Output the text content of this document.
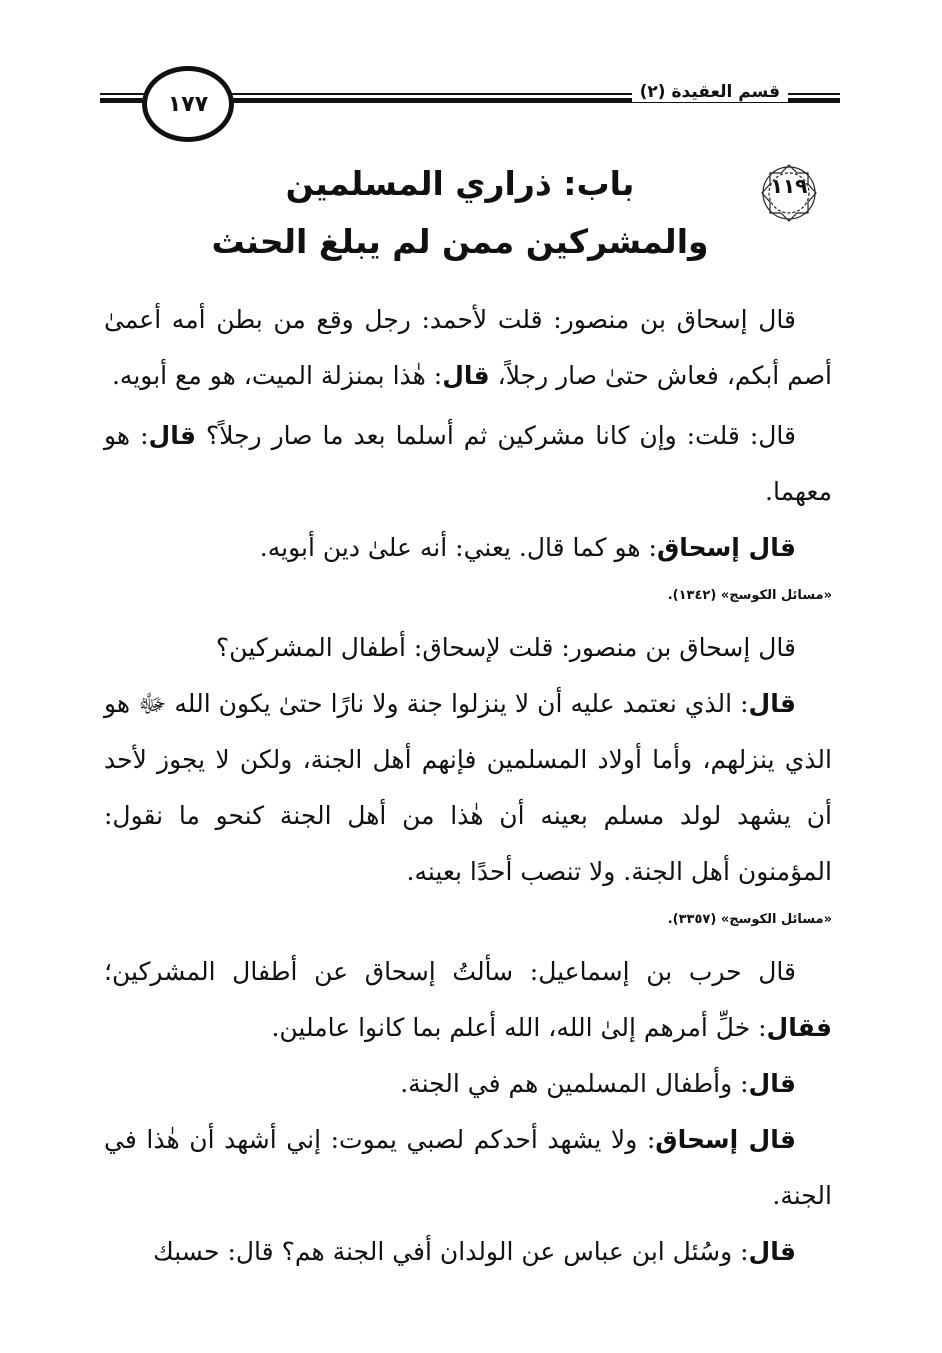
١٧٧	قسم العقيدة (٢)
١١٩
باب: ذراري المسلمين
والمشركين ممن لم يبلغ الحنث

قال إسحاق بن منصور: قلت لأحمد: رجل وقع من بطن أمه أعمىٰ أصم أبكم، فعاش حتىٰ صار رجلاً، قال: هٰذا بمنزلة الميت، هو مع أبويه.

قال: قلت: وإن كانا مشركين ثم أسلما بعد ما صار رجلاً؟ قال: هو معهما.

قال إسحاق: هو كما قال. يعني: أنه علىٰ دين أبويه.

«مسائل الكوسج» (١٣٤٢).

قال إسحاق بن منصور: قلت لإسحاق: أطفال المشركين؟

قال: الذي نعتمد عليه أن لا ينزلوا جنة ولا نارًا حتىٰ يكون الله ﷻ هو الذي ينزلهم، وأما أولاد المسلمين فإنهم أهل الجنة، ولكن لا يجوز لأحد أن يشهد لولد مسلم بعينه أن هٰذا من أهل الجنة كنحو ما نقول: المؤمنون أهل الجنة. ولا تنصب أحدًا بعينه.

«مسائل الكوسج» (٣٣٥٧).

قال حرب بن إسماعيل: سألتُ إسحاق عن أطفال المشركين؛ فقال: خلِّ أمرهم إلىٰ الله، الله أعلم بما كانوا عاملين.

قال: وأطفال المسلمين هم في الجنة.

قال إسحاق: ولا يشهد أحدكم لصبي يموت: إني أشهد أن هٰذا في الجنة.

قال: وسُئل ابن عباس عن الولدان أفي الجنة هم؟ قال: حسبك
